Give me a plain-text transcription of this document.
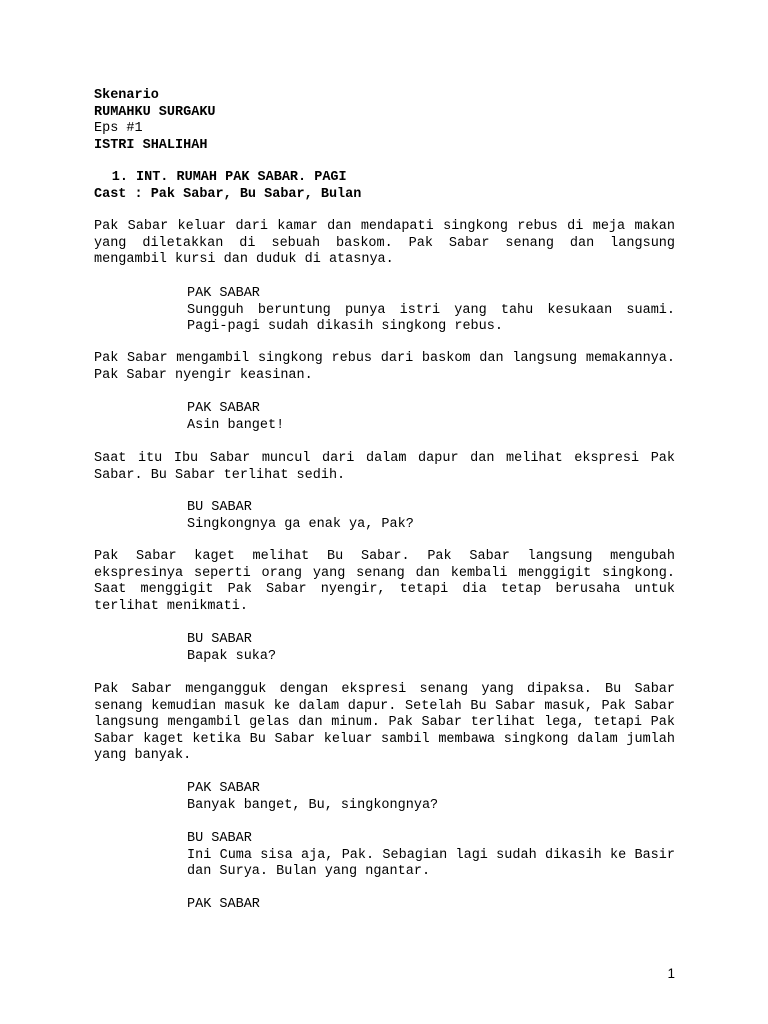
Skenario
RUMAHKU SURGAKU
Eps #1
ISTRI SHALIHAH
1. INT. RUMAH PAK SABAR. PAGI
Cast : Pak Sabar, Bu Sabar, Bulan
Pak Sabar keluar dari kamar dan mendapati singkong rebus di meja makan yang diletakkan di sebuah baskom. Pak Sabar senang dan langsung mengambil kursi dan duduk di atasnya.
PAK SABAR
Sungguh beruntung punya istri yang tahu kesukaan suami. Pagi-pagi sudah dikasih singkong rebus.
Pak Sabar mengambil singkong rebus dari baskom dan langsung memakannya. Pak Sabar nyengir keasinan.
PAK SABAR
Asin banget!
Saat itu Ibu Sabar muncul dari dalam dapur dan melihat ekspresi Pak Sabar. Bu Sabar terlihat sedih.
BU SABAR
Singkongnya ga enak ya, Pak?
Pak Sabar kaget melihat Bu Sabar. Pak Sabar langsung mengubah ekspresinya seperti orang yang senang dan kembali menggigit singkong. Saat menggigit Pak Sabar nyengir, tetapi dia tetap berusaha untuk terlihat menikmati.
BU SABAR
Bapak suka?
Pak Sabar mengangguk dengan ekspresi senang yang dipaksa. Bu Sabar senang kemudian masuk ke dalam dapur. Setelah Bu Sabar masuk, Pak Sabar langsung mengambil gelas dan minum. Pak Sabar terlihat lega, tetapi Pak Sabar kaget ketika Bu Sabar keluar sambil membawa singkong dalam jumlah yang banyak.
PAK SABAR
Banyak banget, Bu, singkongnya?
BU SABAR
Ini Cuma sisa aja, Pak. Sebagian lagi sudah dikasih ke Basir dan Surya. Bulan yang ngantar.
PAK SABAR
1
